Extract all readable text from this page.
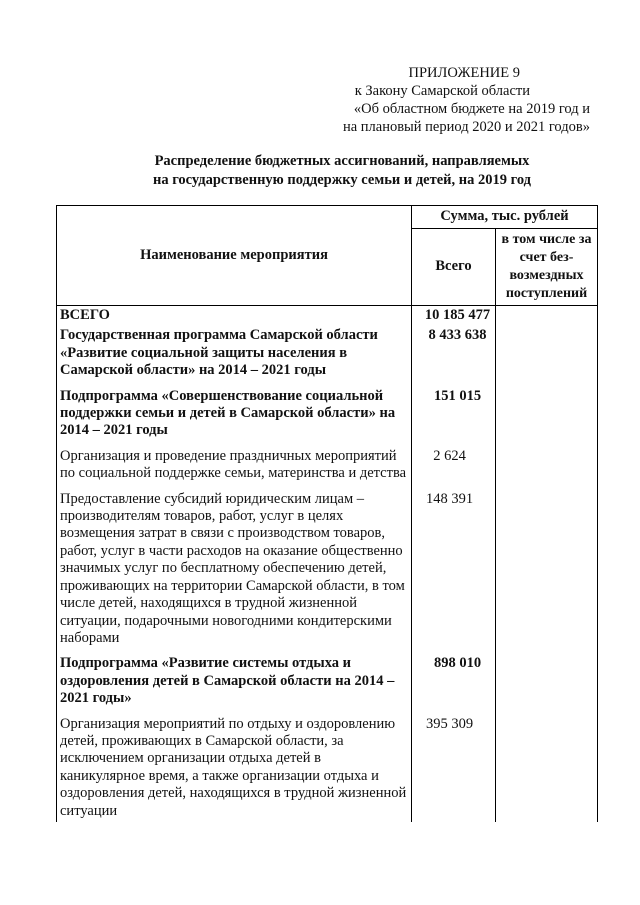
ПРИЛОЖЕНИЕ 9
к Закону Самарской области
«Об областном бюджете на 2019 год и
на плановый период 2020 и 2021 годов»
Распределение бюджетных ассигнований, направляемых
на государственную поддержку семьи и детей, на 2019 год
Наименование мероприятия	Сумма, тыс. рублей	
	Всего	в том числе за счет без-возмездных поступлений
ВСЕГО	10 185 477	
Государственная программа Самарской области «Развитие социальной защиты населения в Самарской области» на 2014 – 2021 годы	8 433 638	
Подпрограмма «Совершенствование социальной поддержки семьи и детей в Самарской области» на 2014 – 2021 годы	151 015	
Организация и проведение праздничных мероприятий по социальной поддержке семьи, материнства и детства	2 624	
Предоставление субсидий юридическим лицам – производителям товаров, работ, услуг в целях возмещения затрат в связи с производством товаров, работ, услуг в части расходов на оказание общественно значимых услуг по бесплатному обеспечению детей, проживающих на территории Самарской области, в том числе детей, находящихся в трудной жизненной ситуации, подарочными новогодними кондитерскими наборами	148 391	
Подпрограмма «Развитие системы отдыха и оздоровления детей в Самарской области на 2014 – 2021 годы»	898 010	
Организация мероприятий по отдыху и оздоровлению детей, проживающих в Самарской области, за исключением организации отдыха детей в каникулярное время, а также организации отдыха и оздоровления детей, находящихся в трудной жизненной ситуации	395 309	
